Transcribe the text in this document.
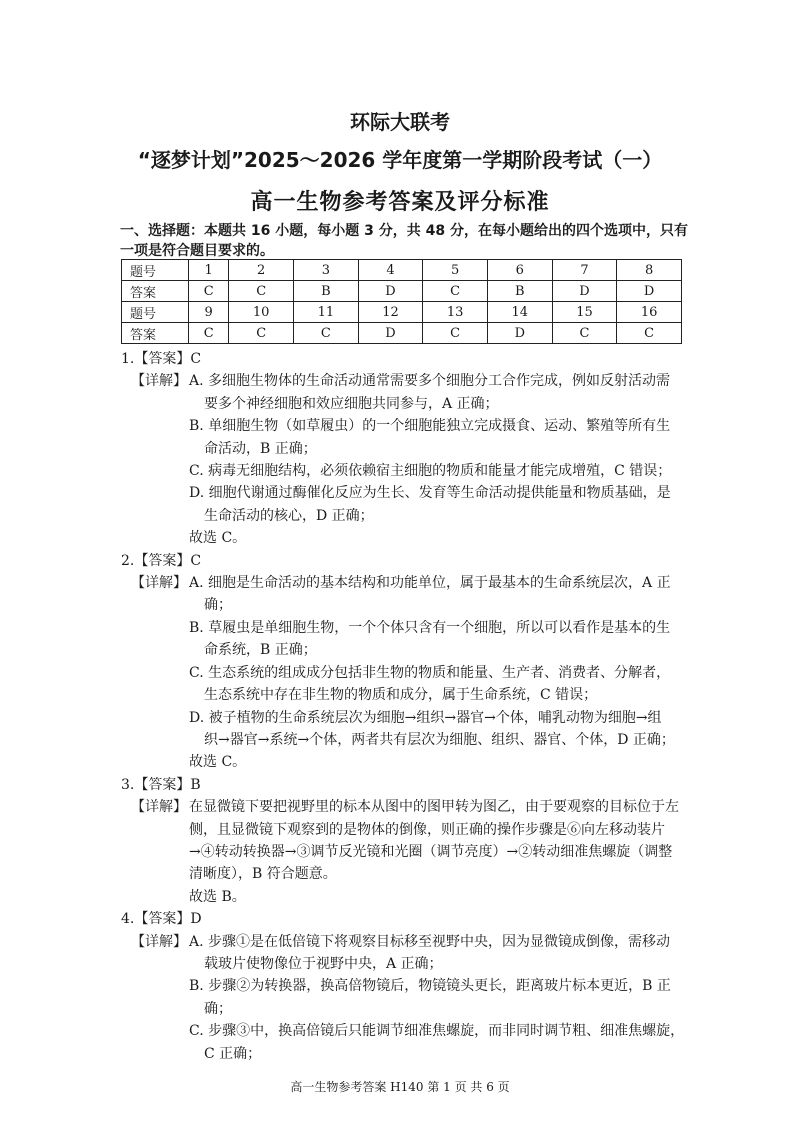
环际大联考
“逐梦计划”2025～2026 学年度第一学期阶段考试（一）
高一生物参考答案及评分标准
一、选择题：本题共 16 小题，每小题 3 分，共 48 分，在每小题给出的四个选项中，只有一项是符合题目要求的。
题号	1	2	3	4	5	6	7	8
答案	C	C	B	D	C	B	D	D
题号	9	10	11	12	13	14	15	16
答案	C	C	C	D	C	D	C	C
1.【答案】C
【详解】 A. 多细胞生物体的生命活动通常需要多个细胞分工合作完成，例如反射活动需
要多个神经细胞和效应细胞共同参与，A 正确；
B. 单细胞生物（如草履虫）的一个细胞能独立完成摄食、运动、繁殖等所有生
命活动，B 正确；
C. 病毒无细胞结构，必须依赖宿主细胞的物质和能量才能完成增殖，C 错误；
D. 细胞代谢通过酶催化反应为生长、发育等生命活动提供能量和物质基础，是
生命活动的核心，D 正确；
故选 C。
2.【答案】C
【详解】 A. 细胞是生命活动的基本结构和功能单位，属于最基本的生命系统层次，A 正
确；
B. 草履虫是单细胞生物，一个个体只含有一个细胞，所以可以看作是基本的生
命系统，B 正确；
C. 生态系统的组成成分包括非生物的物质和能量、生产者、消费者、分解者，
生态系统中存在非生物的物质和成分，属于生命系统，C 错误；
D. 被子植物的生命系统层次为细胞→组织→器官→个体，哺乳动物为细胞→组
织→器官→系统→个体，两者共有层次为细胞、组织、器官、个体，D 正确；
故选 C。
3.【答案】B
【详解】 在显微镜下要把视野里的标本从图中的图甲转为图乙，由于要观察的目标位于左
侧，且显微镜下观察到的是物体的倒像，则正确的操作步骤是⑥向左移动装片
→④转动转换器→③调节反光镜和光圈（调节亮度）→②转动细准焦螺旋（调整
清晰度），B 符合题意。
故选 B。
4.【答案】D
【详解】 A. 步骤①是在低倍镜下将观察目标移至视野中央，因为显微镜成倒像，需移动
载玻片使物像位于视野中央，A 正确；
B. 步骤②为转换器，换高倍物镜后，物镜镜头更长，距离玻片标本更近，B 正
确；
C. 步骤③中，换高倍镜后只能调节细准焦螺旋，而非同时调节粗、细准焦螺旋，
C 正确；
高一生物参考答案 H140 第 1 页 共 6 页
